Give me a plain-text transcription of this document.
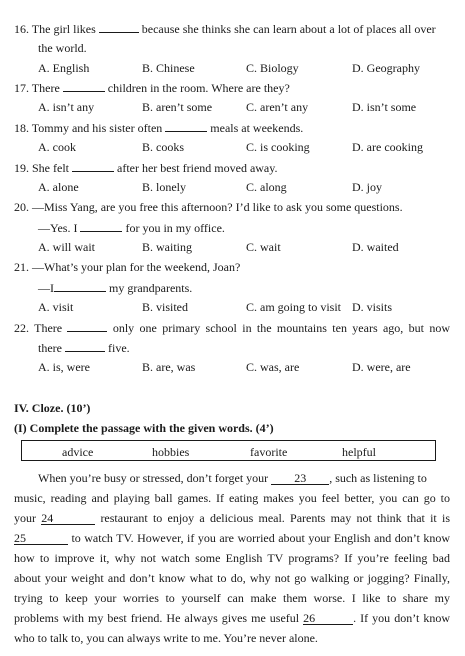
16. The girl likes	because she thinks she can learn about a lot of places all over
the world.
A. English	B. Chinese	C. Biology	D. Geography
17. There	children in the room. Where are they?
A. isn’t any	B. aren’t some	C. aren’t any	D. isn’t some
18. Tommy and his sister often	meals at weekends.
A. cook	B. cooks	C. is cooking	D. are cooking
19. She felt	after her best friend moved away.
A. alone	B. lonely	C. along	D. joy
20. —Miss Yang, are you free this afternoon? I’d like to ask you some questions.
—Yes. I	for you in my office.
A. will wait	B. waiting	C. wait	D. waited
21. —What’s your plan for the weekend, Joan?
—I	my grandparents.
A. visit	B. visited	C. am going to visit D. visits
22. There	only one primary school in the mountains ten years ago, but now
there	five.
A. is, were	B. are, was	C. was, are	D. were, are
IV. Cloze. (10’)
(I) Complete the passage with the given words. (4’)
advice	hobbies	favorite	helpful
When you’re busy or stressed, don’t forget your 23 , such as listening to
music, reading and playing ball games. If eating makes you feel better, you can go to
your 24	restaurant to enjoy a delicious meal. Parents may not think that it is
25	to watch TV. However, if you are worried about your English and don’t know
how to improve it, why not watch some English TV programs? If you’re feeling bad
about your weight and don’t know what to do, why not go walking or jogging? Finally,
trying to keep your worries to yourself can make them worse. I like to share my
problems with my best friend. He always gives me useful 26	. If you don’t know
who to talk to, you can always write to me. You’re never alone.
